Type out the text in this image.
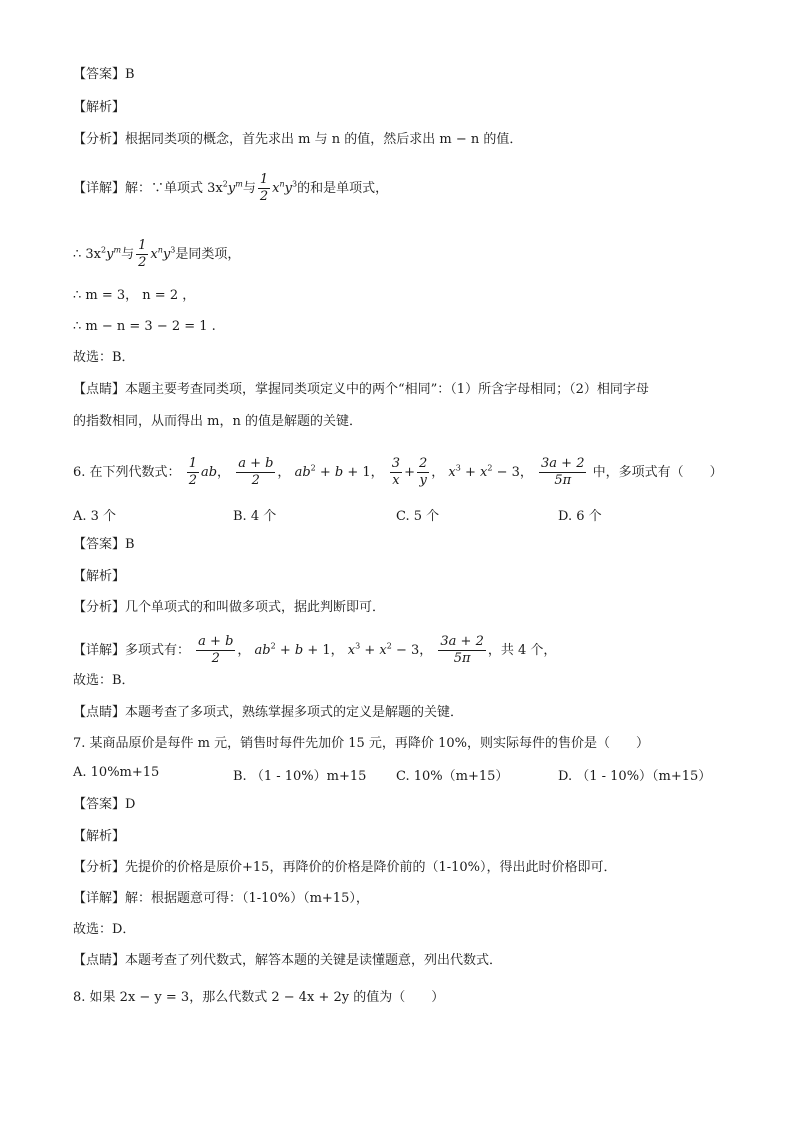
【答案】B
【解析】
【分析】根据同类项的概念，首先求出 m 与 n 的值，然后求出 m − n 的值．
【详解】解：∵单项式 $3x^2y^m$与 $\frac{1}{2} x^ny^3$的和是单项式，
∴ $3x^2y^m$与 $\frac{1}{2} x^ny^3$是同类项，
∴ m = 3， n = 2 ，
∴ m − n = 3 − 2 = 1 .
故选：B．
【点睛】本题主要考查同类项，掌握同类项定义中的两个“相同”：（1）所含字母相同；（2）相同字母
的指数相同，从而得出 m，n 的值是解题的关键．
6. 在下列代数式： $\frac{1}{2}$ ab， $\frac{a + b}{2}$ ， $ab^2 + b + 1$， $\frac{3}{x} + \frac{2}{y}$ ， $x^3 + x^2 - 3$， $\frac{3a + 2}{5\pi}$ 中，多项式有（　　）
A. 3 个	B. 4 个	C. 5 个	D. 6 个
【答案】B
【解析】
【分析】几个单项式的和叫做多项式，据此判断即可．
【详解】多项式有： $\frac{a + b}{2}$ ， $ab^2 + b + 1$， $x^3 + x^2 - 3$， $\frac{3a + 2}{5\pi}$ ，共 4 个，
故选：B．
【点睛】本题考查了多项式，熟练掌握多项式的定义是解题的关键．
7. 某商品原价是每件 m 元，销售时每件先加价 15 元，再降价 10%，则实际每件的售价是（　　）
A. 10%m+15	B. （1 - 10%）m+15 C. 10%（m+15）	D. （1 - 10%）（m+15）
【答案】D
【解析】
【分析】先提价的价格是原价+15，再降价的价格是降价前的（1-10%），得出此时价格即可．
【详解】解：根据题意可得：（1-10%）（m+15），
故选：D．
【点睛】本题考查了列代数式，解答本题的关键是读懂题意，列出代数式．
8. 如果 2x − y = 3，那么代数式 2 − 4x + 2y 的值为（　　）
